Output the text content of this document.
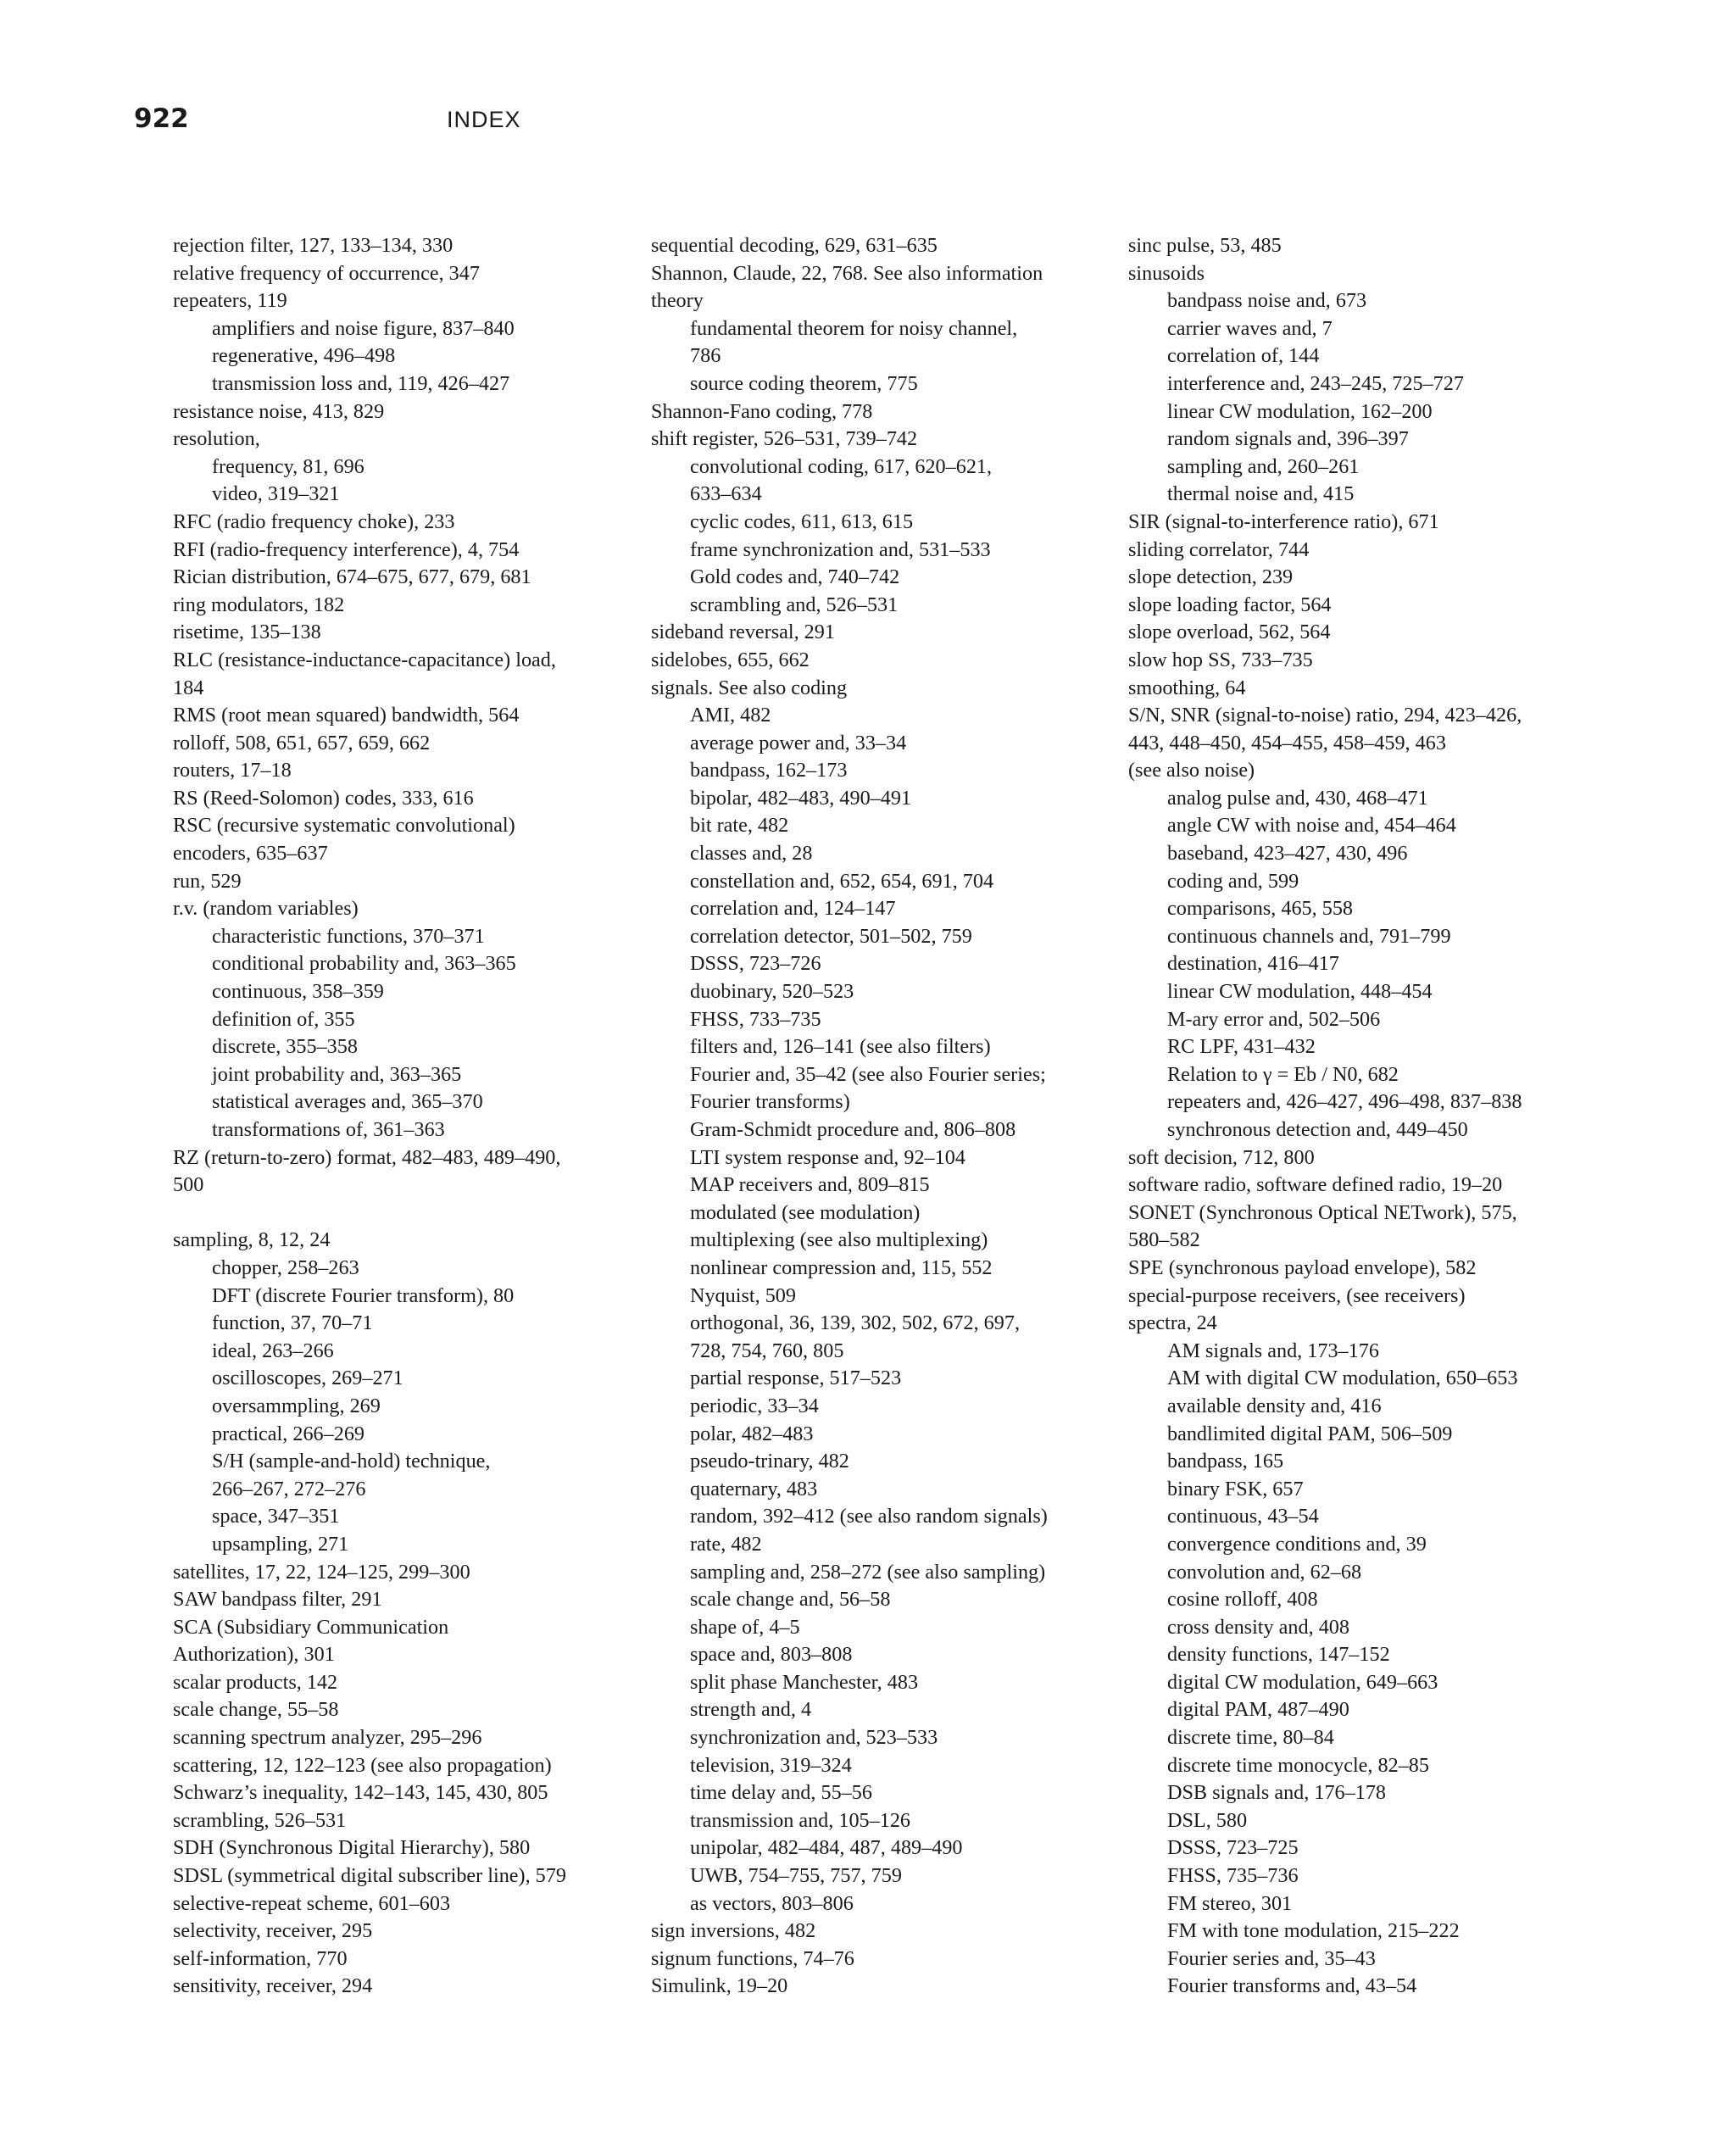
922	INDEX
rejection filter, 127, 133–134, 330
relative frequency of occurrence, 347
repeaters, 119
amplifiers and noise figure, 837–840
regenerative, 496–498
transmission loss and, 119, 426–427
resistance noise, 413, 829
resolution,
frequency, 81, 696
video, 319–321
RFC (radio frequency choke), 233
RFI (radio-frequency interference), 4, 754
Rician distribution, 674–675, 677, 679, 681
ring modulators, 182
risetime, 135–138
RLC (resistance-inductance-capacitance) load,
184
RMS (root mean squared) bandwidth, 564
rolloff, 508, 651, 657, 659, 662
routers, 17–18
RS (Reed-Solomon) codes, 333, 616
RSC (recursive systematic convolutional)
encoders, 635–637
run, 529
r.v. (random variables)
characteristic functions, 370–371
conditional probability and, 363–365
continuous, 358–359
definition of, 355
discrete, 355–358
joint probability and, 363–365
statistical averages and, 365–370
transformations of, 361–363
RZ (return-to-zero) format, 482–483, 489–490,
500
sampling, 8, 12, 24
chopper, 258–263
DFT (discrete Fourier transform), 80
function, 37, 70–71
ideal, 263–266
oscilloscopes, 269–271
oversammpling, 269
practical, 266–269
S/H (sample-and-hold) technique,
266–267, 272–276
space, 347–351
upsampling, 271
satellites, 17, 22, 124–125, 299–300
SAW bandpass filter, 291
SCA (Subsidiary Communication
Authorization), 301
scalar products, 142
scale change, 55–58
scanning spectrum analyzer, 295–296
scattering, 12, 122–123 (see also propagation)
Schwarz’s inequality, 142–143, 145, 430, 805
scrambling, 526–531
SDH (Synchronous Digital Hierarchy), 580
SDSL (symmetrical digital subscriber line), 579
selective-repeat scheme, 601–603
selectivity, receiver, 295
self-information, 770
sensitivity, receiver, 294
sequential decoding, 629, 631–635
Shannon, Claude, 22, 768. See also information
theory
fundamental theorem for noisy channel,
786
source coding theorem, 775
Shannon-Fano coding, 778
shift register, 526–531, 739–742
convolutional coding, 617, 620–621,
633–634
cyclic codes, 611, 613, 615
frame synchronization and, 531–533
Gold codes and, 740–742
scrambling and, 526–531
sideband reversal, 291
sidelobes, 655, 662
signals. See also coding
AMI, 482
average power and, 33–34
bandpass, 162–173
bipolar, 482–483, 490–491
bit rate, 482
classes and, 28
constellation and, 652, 654, 691, 704
correlation and, 124–147
correlation detector, 501–502, 759
DSSS, 723–726
duobinary, 520–523
FHSS, 733–735
filters and, 126–141 (see also filters)
Fourier and, 35–42 (see also Fourier series;
Fourier transforms)
Gram-Schmidt procedure and, 806–808
LTI system response and, 92–104
MAP receivers and, 809–815
modulated (see modulation)
multiplexing (see also multiplexing)
nonlinear compression and, 115, 552
Nyquist, 509
orthogonal, 36, 139, 302, 502, 672, 697,
728, 754, 760, 805
partial response, 517–523
periodic, 33–34
polar, 482–483
pseudo-trinary, 482
quaternary, 483
random, 392–412 (see also random signals)
rate, 482
sampling and, 258–272 (see also sampling)
scale change and, 56–58
shape of, 4–5
space and, 803–808
split phase Manchester, 483
strength and, 4
synchronization and, 523–533
television, 319–324
time delay and, 55–56
transmission and, 105–126
unipolar, 482–484, 487, 489–490
UWB, 754–755, 757, 759
as vectors, 803–806
sign inversions, 482
signum functions, 74–76
Simulink, 19–20
sinc pulse, 53, 485
sinusoids
bandpass noise and, 673
carrier waves and, 7
correlation of, 144
interference and, 243–245, 725–727
linear CW modulation, 162–200
random signals and, 396–397
sampling and, 260–261
thermal noise and, 415
SIR (signal-to-interference ratio), 671
sliding correlator, 744
slope detection, 239
slope loading factor, 564
slope overload, 562, 564
slow hop SS, 733–735
smoothing, 64
S/N, SNR (signal-to-noise) ratio, 294, 423–426,
443, 448–450, 454–455, 458–459, 463
(see also noise)
analog pulse and, 430, 468–471
angle CW with noise and, 454–464
baseband, 423–427, 430, 496
coding and, 599
comparisons, 465, 558
continuous channels and, 791–799
destination, 416–417
linear CW modulation, 448–454
M-ary error and, 502–506
RC LPF, 431–432
Relation to γ = Eb / N0, 682
repeaters and, 426–427, 496–498, 837–838
synchronous detection and, 449–450
soft decision, 712, 800
software radio, software defined radio, 19–20
SONET (Synchronous Optical NETwork), 575,
580–582
SPE (synchronous payload envelope), 582
special-purpose receivers, (see receivers)
spectra, 24
AM signals and, 173–176
AM with digital CW modulation, 650–653
available density and, 416
bandlimited digital PAM, 506–509
bandpass, 165
binary FSK, 657
continuous, 43–54
convergence conditions and, 39
convolution and, 62–68
cosine rolloff, 408
cross density and, 408
density functions, 147–152
digital CW modulation, 649–663
digital PAM, 487–490
discrete time, 80–84
discrete time monocycle, 82–85
DSB signals and, 176–178
DSL, 580
DSSS, 723–725
FHSS, 735–736
FM stereo, 301
FM with tone modulation, 215–222
Fourier series and, 35–43
Fourier transforms and, 43–54
